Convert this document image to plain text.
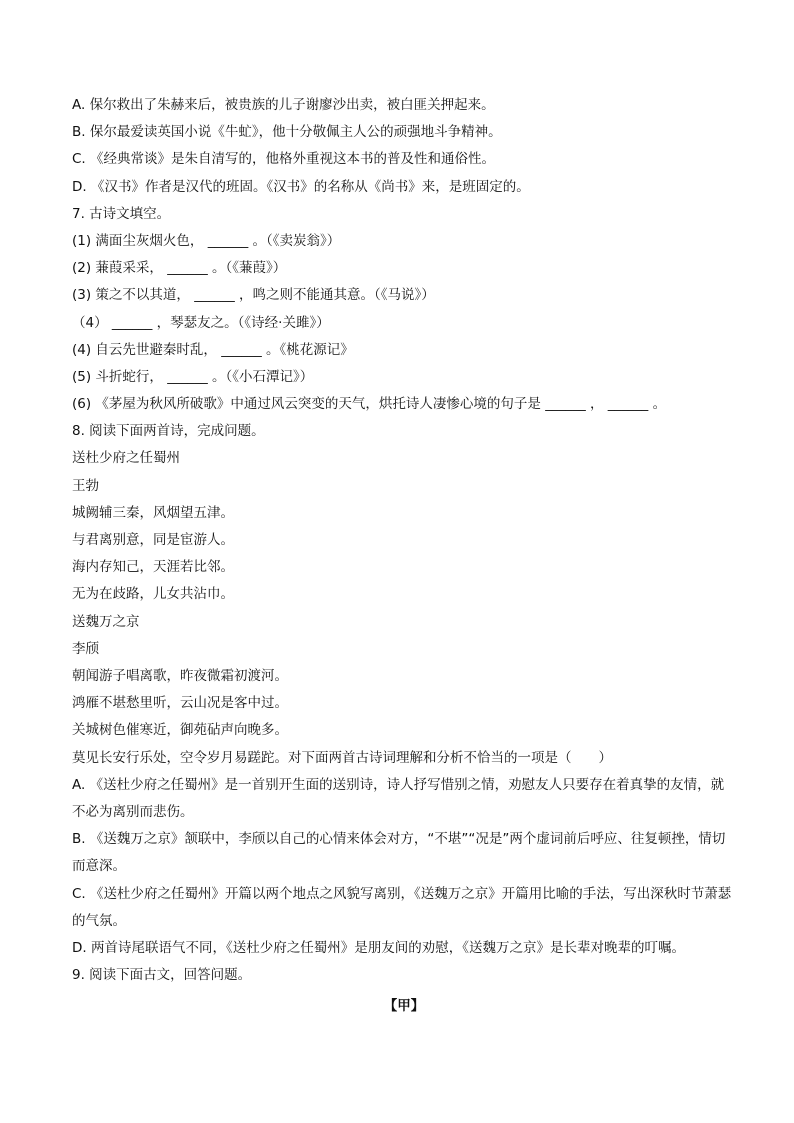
A. 保尔救出了朱赫来后，被贵族的儿子谢廖沙出卖，被白匪关押起来。
B. 保尔最爱读英国小说《牛虻》，他十分敬佩主人公的顽强地斗争精神。
C. 《经典常谈》是朱自清写的，他格外重视这本书的普及性和通俗性。
D. 《汉书》作者是汉代的班固。《汉书》的名称从《尚书》来，是班固定的。
7. 古诗文填空。
(1) 满面尘灰烟火色， ______ 。（《卖炭翁》）
(2) 蒹葭采采， ______ 。（《蒹葭》）
(3) 策之不以其道， ______ ，鸣之则不能通其意。（《马说》）
（4） ______ ，琴瑟友之。（《诗经·关雎》）
(4) 自云先世避秦时乱， ______ 。《桃花源记》
(5) 斗折蛇行， ______ 。（《小石潭记》）
(6) 《茅屋为秋风所破歌》中通过风云突变的天气，烘托诗人凄惨心境的句子是 ______ ， ______ 。
8. 阅读下面两首诗，完成问题。
送杜少府之任蜀州
王勃
城阙辅三秦，风烟望五津。
与君离别意，同是宦游人。
海内存知己，天涯若比邻。
无为在歧路，儿女共沾巾。
送魏万之京
李颀
朝闻游子唱离歌，昨夜微霜初渡河。
鸿雁不堪愁里听，云山况是客中过。
关城树色催寒近，御苑砧声向晚多。
莫见长安行乐处，空令岁月易蹉跎。对下面两首古诗词理解和分析不恰当的一项是（　　）
A. 《送杜少府之任蜀州》是一首别开生面的送别诗，诗人抒写惜别之情，劝慰友人只要存在着真挚的友情，就不必为离别而悲伤。
B. 《送魏万之京》颔联中，李颀以自己的心情来体会对方，“不堪”“况是”两个虚词前后呼应、往复顿挫，情切而意深。
C. 《送杜少府之任蜀州》开篇以两个地点之风貌写离别，《送魏万之京》开篇用比喻的手法，写出深秋时节萧瑟的气氛。
D. 两首诗尾联语气不同，《送杜少府之任蜀州》是朋友间的劝慰，《送魏万之京》是长辈对晚辈的叮嘱。
9. 阅读下面古文，回答问题。
【甲】
